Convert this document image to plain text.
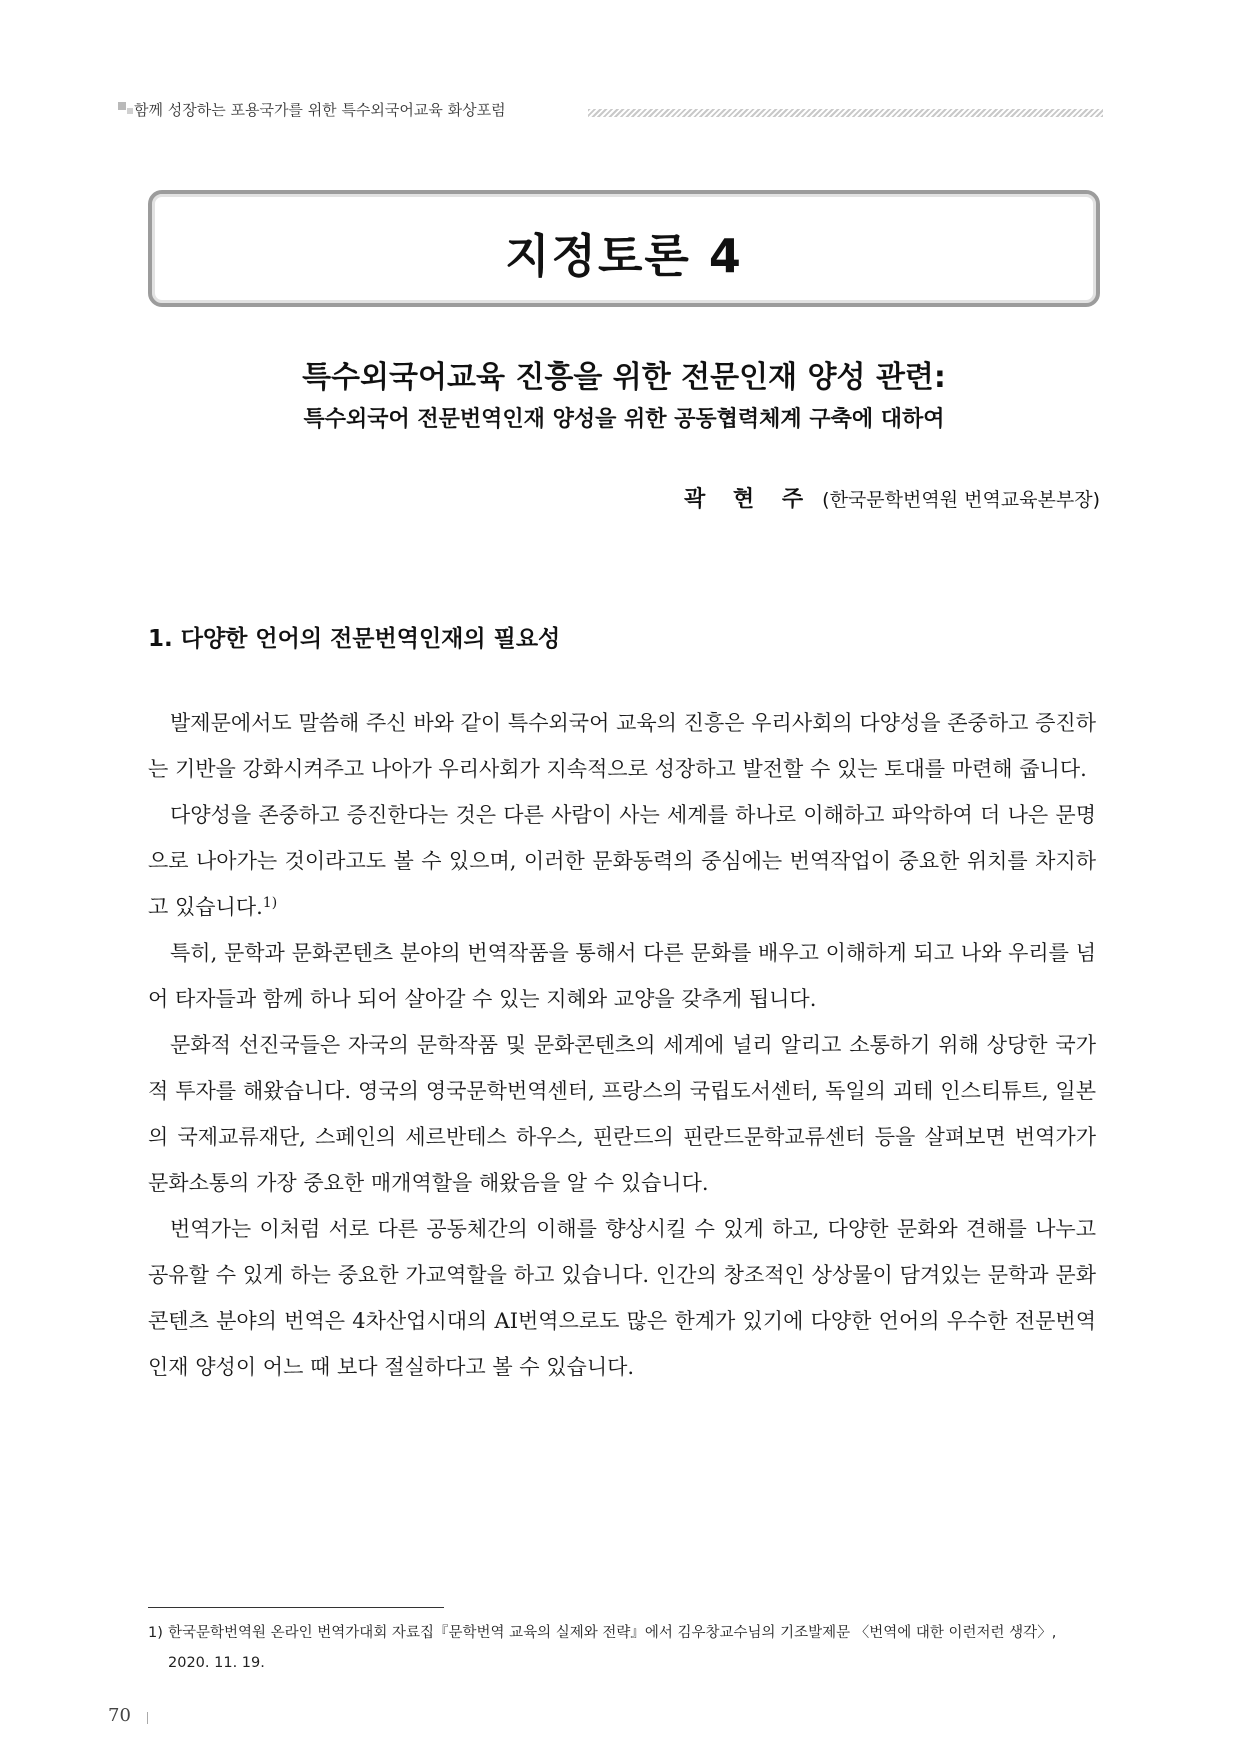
함께 성장하는 포용국가를 위한 특수외국어교육 화상포럼
지정토론 4
특수외국어교육 진흥을 위한 전문인재 양성 관련:
특수외국어 전문번역인재 양성을 위한 공동협력체계 구축에 대하여
곽 현 주 (한국문학번역원 번역교육본부장)
1. 다양한 언어의 전문번역인재의 필요성

발제문에서도 말씀해 주신 바와 같이 특수외국어 교육의 진흥은 우리사회의 다양성을 존중하고 증진하는 기반을 강화시켜주고 나아가 우리사회가 지속적으로 성장하고 발전할 수 있는 토대를 마련해 줍니다.

다양성을 존중하고 증진한다는 것은 다른 사람이 사는 세계를 하나로 이해하고 파악하여 더 나은 문명으로 나아가는 것이라고도 볼 수 있으며, 이러한 문화동력의 중심에는 번역작업이 중요한 위치를 차지하고 있습니다.$^{1)}$

특히, 문학과 문화콘텐츠 분야의 번역작품을 통해서 다른 문화를 배우고 이해하게 되고 나와 우리를 넘어 타자들과 함께 하나 되어 살아갈 수 있는 지혜와 교양을 갖추게 됩니다.

문화적 선진국들은 자국의 문학작품 및 문화콘텐츠의 세계에 널리 알리고 소통하기 위해 상당한 국가적 투자를 해왔습니다. 영국의 영국문학번역센터, 프랑스의 국립도서센터, 독일의 괴테 인스티튜트, 일본의 국제교류재단, 스페인의 세르반테스 하우스, 핀란드의 핀란드문학교류센터 등을 살펴보면 번역가가 문화소통의 가장 중요한 매개역할을 해왔음을 알 수 있습니다.

번역가는 이처럼 서로 다른 공동체간의 이해를 향상시킬 수 있게 하고, 다양한 문화와 견해를 나누고 공유할 수 있게 하는 중요한 가교역할을 하고 있습니다. 인간의 창조적인 상상물이 담겨있는 문학과 문화콘텐츠 분야의 번역은 4차산업시대의 AI번역으로도 많은 한계가 있기에 다양한 언어의 우수한 전문번역인재 양성이 어느 때 보다 절실하다고 볼 수 있습니다.

1) 한국문학번역원 온라인 번역가대회 자료집『문학번역 교육의 실제와 전략』에서 김우창교수님의 기조발제문 〈번역에 대한 이런저런 생각〉, 2020. 11. 19.
70
